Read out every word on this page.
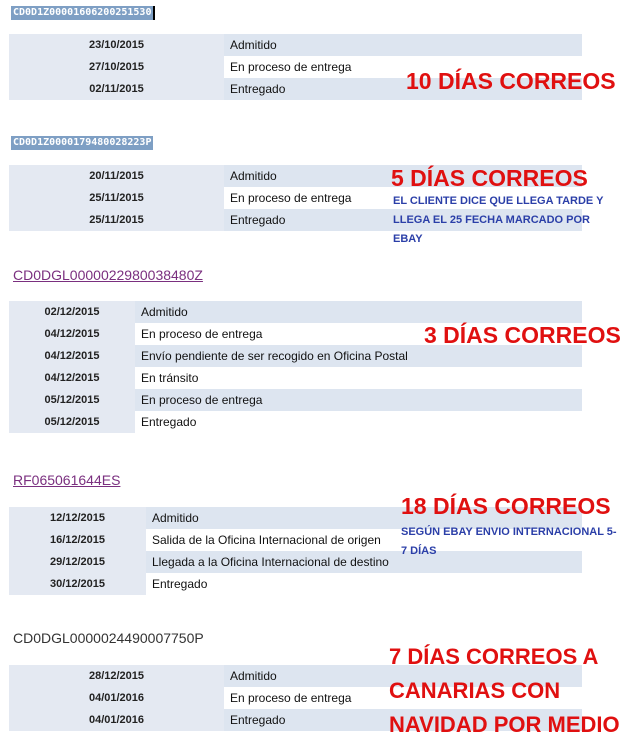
CD0D1Z00001606200251530
23/10/2015	Admitido
27/10/2015	En proceso de entrega
02/11/2015	Entregado	10 DÍAS CORREOS
CD0D1Z0000179480028223P
20/11/2015	Admitido
25/11/2015	En proceso de entrega
25/11/2015	Entregado
5 DÍAS CORREOS
EL CLIENTE DICE QUE LLEGA TARDE Y
LLEGA EL 25 FECHA MARCADO POR
EBAY
CD0DGL0000022980038480Z
02/12/2015	Admitido
04/12/2015	En proceso de entrega
04/12/2015	Envío pendiente de ser recogido en Oficina Postal
04/12/2015	En tránsito
05/12/2015	En proceso de entrega
05/12/2015	Entregado
3 DÍAS CORREOS
RF065061644ES
12/12/2015	Admitido
16/12/2015	Salida de la Oficina Internacional de origen
29/12/2015	Llegada a la Oficina Internacional de destino
30/12/2015	Entregado
18 DÍAS CORREOS
SEGÚN EBAY ENVIO INTERNACIONAL 5-
7 DÍAS
CD0DGL0000024490007750P
28/12/2015	Admitido
04/01/2016	En proceso de entrega
04/01/2016	Entregado
7 DÍAS CORREOS A
CANARIAS CON
NAVIDAD POR MEDIO
